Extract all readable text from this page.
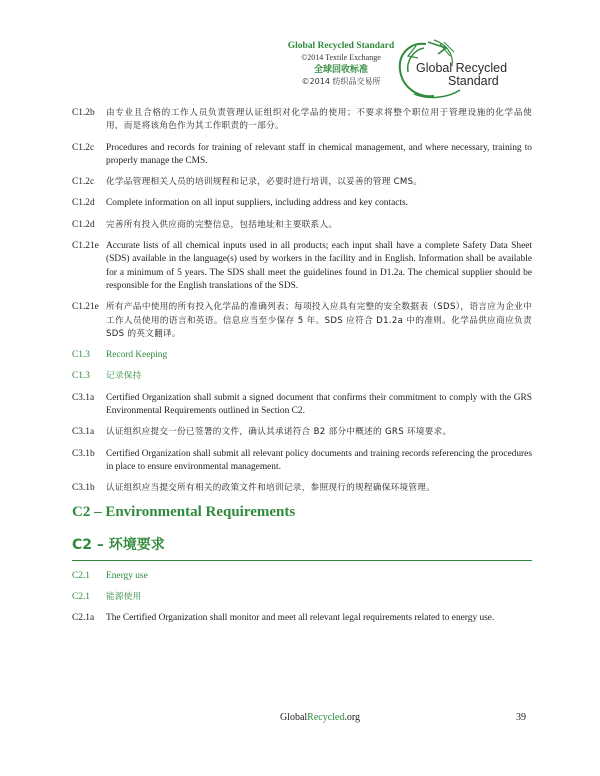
Global Recycled Standard
©2014 Textile Exchange
全球回收标准
©2014 纺织品交易所
Global Recycled
Standard
C1.2b	由专业且合格的工作人员负责管理认证组织对化学品的使用；不要求将整个职位用于管理设施的化学品使用，而是将该角色作为其工作职责的一部分。
C1.2c	Procedures and records for training of relevant staff in chemical management, and where necessary, training to properly manage the CMS.
C1.2c	化学品管理相关人员的培训规程和记录，必要时进行培训，以妥善的管理 CMS。
C1.2d	Complete information on all input suppliers, including address and key contacts.
C1.2d	完善所有投入供应商的完整信息，包括地址和主要联系人。
C1.21e Accurate lists of all chemical inputs used in all products; each input shall have a complete Safety Data Sheet (SDS) available in the language(s) used by workers in the facility and in English. Information shall be available for a minimum of 5 years. The SDS shall meet the guidelines found in D1.2a. The chemical supplier should be responsible for the English translations of the SDS.
C1.21e 所有产品中使用的所有投入化学品的准确列表；每项投入应具有完整的安全数据表（SDS），语言应为企业中工作人员使用的语言和英语。信息应当至少保存 5 年。SDS 应符合 D1.2a 中的准则。化学品供应商应负责 SDS 的英文翻译。
C1.3	Record Keeping
C1.3	记录保持
C3.1a	Certified Organization shall submit a signed document that confirms their commitment to comply with the GRS Environmental Requirements outlined in Section C2.
C3.1a	认证组织应提交一份已签署的文件，确认其承诺符合 B2 部分中概述的 GRS 环境要求。
C3.1b	Certified Organization shall submit all relevant policy documents and training records referencing the procedures in place to ensure environmental management.
C3.1b	认证组织应当提交所有相关的政策文件和培训记录，参照现行的规程确保环境管理。
C2 – Environmental Requirements
C2 – 环境要求
C2.1	Energy use
C2.1	能源使用
C2.1a	The Certified Organization shall monitor and meet all relevant legal requirements related to energy use.
GlobalRecycled.org	39
